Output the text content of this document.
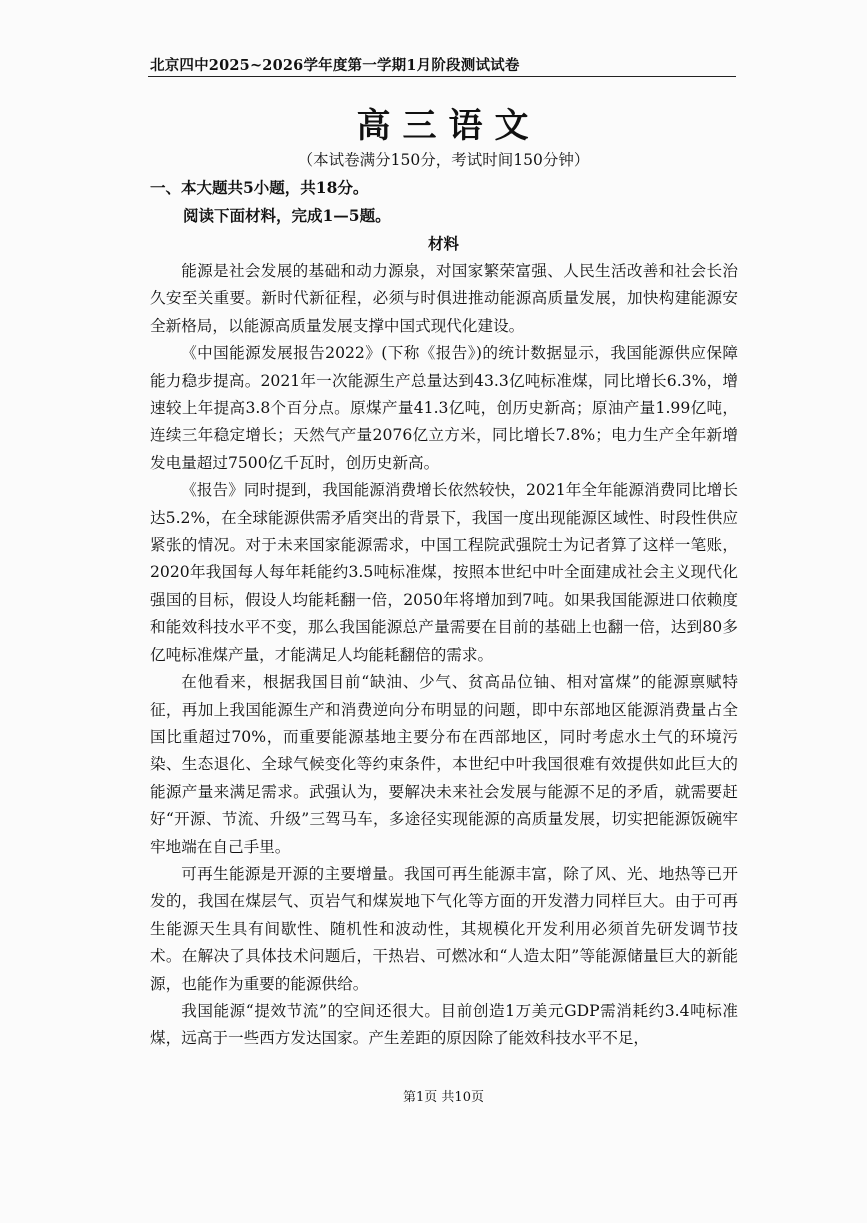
北京四中2025~2026学年度第一学期1月阶段测试试卷
高三语文
（本试卷满分150分，考试时间150分钟）
一、本大题共5小题，共18分。
阅读下面材料，完成1—5题。
材料

能源是社会发展的基础和动力源泉，对国家繁荣富强、人民生活改善和社会长治久安至关重要。新时代新征程，必须与时俱进推动能源高质量发展，加快构建能源安全新格局，以能源高质量发展支撑中国式现代化建设。

《中国能源发展报告2022》(下称《报告》)的统计数据显示，我国能源供应保障能力稳步提高。2021年一次能源生产总量达到43.3亿吨标准煤，同比增长6.3%，增速较上年提高3.8个百分点。原煤产量41.3亿吨，创历史新高；原油产量1.99亿吨，连续三年稳定增长；天然气产量2076亿立方米，同比增长7.8%；电力生产全年新增发电量超过7500亿千瓦时，创历史新高。

《报告》同时提到，我国能源消费增长依然较快，2021年全年能源消费同比增长达5.2%，在全球能源供需矛盾突出的背景下，我国一度出现能源区域性、时段性供应紧张的情况。对于未来国家能源需求，中国工程院武强院士为记者算了这样一笔账，2020年我国每人每年耗能约3.5吨标准煤，按照本世纪中叶全面建成社会主义现代化强国的目标，假设人均能耗翻一倍，2050年将增加到7吨。如果我国能源进口依赖度和能效科技水平不变，那么我国能源总产量需要在目前的基础上也翻一倍，达到80多亿吨标准煤产量，才能满足人均能耗翻倍的需求。

在他看来，根据我国目前“缺油、少气、贫高品位铀、相对富煤”的能源禀赋特征，再加上我国能源生产和消费逆向分布明显的问题，即中东部地区能源消费量占全国比重超过70%，而重要能源基地主要分布在西部地区，同时考虑水土气的环境污染、生态退化、全球气候变化等约束条件，本世纪中叶我国很难有效提供如此巨大的能源产量来满足需求。武强认为，要解决未来社会发展与能源不足的矛盾，就需要赶好“开源、节流、升级”三驾马车，多途径实现能源的高质量发展，切实把能源饭碗牢牢地端在自己手里。

可再生能源是开源的主要增量。我国可再生能源丰富，除了风、光、地热等已开发的，我国在煤层气、页岩气和煤炭地下气化等方面的开发潜力同样巨大。由于可再生能源天生具有间歇性、随机性和波动性，其规模化开发利用必须首先研发调节技术。在解决了具体技术问题后，干热岩、可燃冰和“人造太阳”等能源储量巨大的新能源，也能作为重要的能源供给。

我国能源“提效节流”的空间还很大。目前创造1万美元GDP需消耗约3.4吨标准煤，远高于一些西方发达国家。产生差距的原因除了能效科技水平不足，

第1页 共10页
